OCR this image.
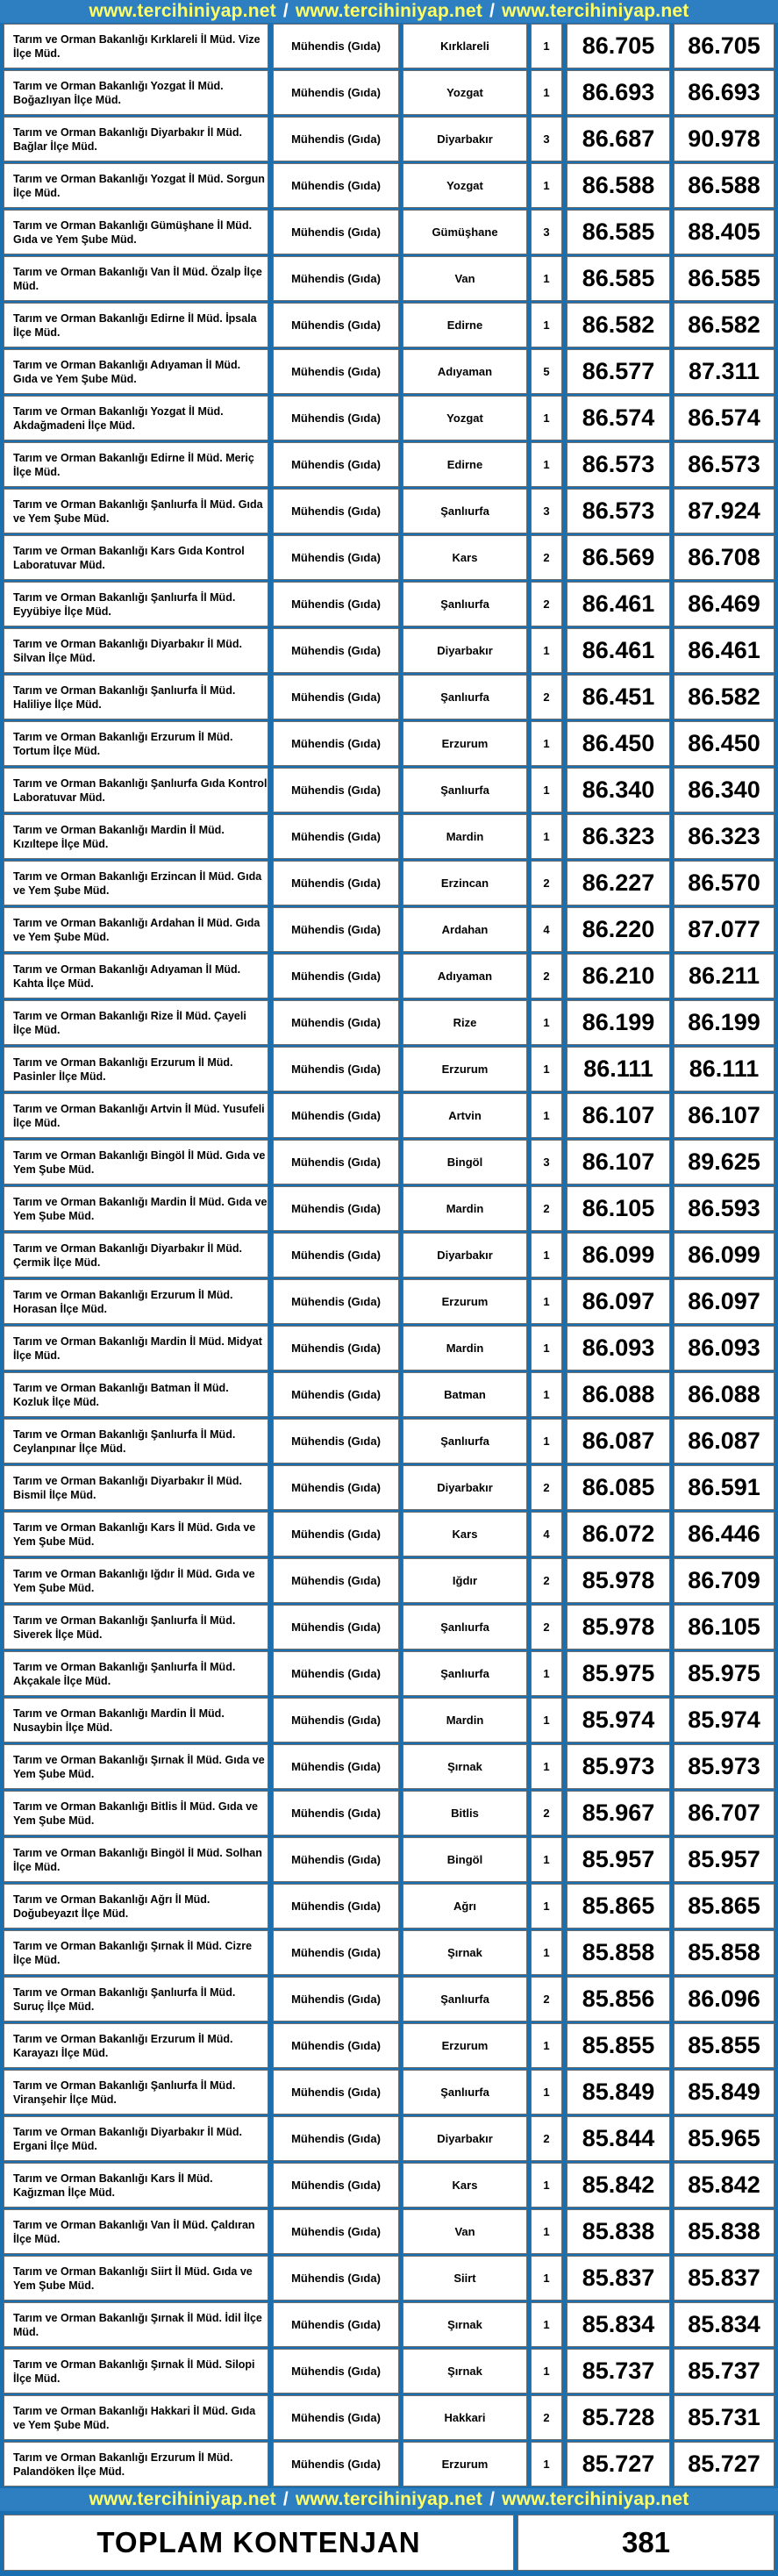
www.tercihiniyap.net / www.tercihiniyap.net / www.tercihiniyap.net
Tarım ve Orman Bakanlığı Kırklareli İl Müd. Vize İlçe Müd.
Mühendis (Gıda)	Kırklareli	1	86.705	86.705
Tarım ve Orman Bakanlığı Yozgat İl Müd. Boğazlıyan İlçe Müd.
Mühendis (Gıda)	Yozgat	1	86.693	86.693
Tarım ve Orman Bakanlığı Diyarbakır İl Müd. Bağlar İlçe Müd.
Mühendis (Gıda)	Diyarbakır	3	86.687	90.978
Tarım ve Orman Bakanlığı Yozgat İl Müd. Sorgun İlçe Müd.
Mühendis (Gıda)	Yozgat	1	86.588	86.588
Tarım ve Orman Bakanlığı Gümüşhane İl Müd. Gıda ve Yem Şube Müd.
Mühendis (Gıda)	Gümüşhane	3	86.585	88.405
Tarım ve Orman Bakanlığı Van İl Müd. Özalp İlçe Müd.
Mühendis (Gıda)	Van	1	86.585	86.585
Tarım ve Orman Bakanlığı Edirne İl Müd. İpsala İlçe Müd.
Mühendis (Gıda)	Edirne	1	86.582	86.582
Tarım ve Orman Bakanlığı Adıyaman İl Müd. Gıda ve Yem Şube Müd.
Mühendis (Gıda)	Adıyaman	5	86.577	87.311
Tarım ve Orman Bakanlığı Yozgat İl Müd. Akdağmadeni İlçe Müd.
Mühendis (Gıda)	Yozgat	1	86.574	86.574
Tarım ve Orman Bakanlığı Edirne İl Müd. Meriç İlçe Müd.
Mühendis (Gıda)	Edirne	1	86.573	86.573
Tarım ve Orman Bakanlığı Şanlıurfa İl Müd. Gıda ve Yem Şube Müd.
Mühendis (Gıda)	Şanlıurfa	3	86.573	87.924
Tarım ve Orman Bakanlığı Kars Gıda Kontrol Laboratuvar Müd.
Mühendis (Gıda)	Kars	2	86.569	86.708
Tarım ve Orman Bakanlığı Şanlıurfa İl Müd. Eyyübiye İlçe Müd.
Mühendis (Gıda)	Şanlıurfa	2	86.461	86.469
Tarım ve Orman Bakanlığı Diyarbakır İl Müd. Silvan İlçe Müd.
Mühendis (Gıda)	Diyarbakır	1	86.461	86.461
Tarım ve Orman Bakanlığı Şanlıurfa İl Müd. Haliliye İlçe Müd.
Mühendis (Gıda)	Şanlıurfa	2	86.451	86.582
Tarım ve Orman Bakanlığı Erzurum İl Müd. Tortum İlçe Müd.
Mühendis (Gıda)	Erzurum	1	86.450	86.450
Tarım ve Orman Bakanlığı Şanlıurfa Gıda Kontrol Laboratuvar Müd.
Mühendis (Gıda)	Şanlıurfa	1	86.340	86.340
Tarım ve Orman Bakanlığı Mardin İl Müd. Kızıltepe İlçe Müd.
Mühendis (Gıda)	Mardin	1	86.323	86.323
Tarım ve Orman Bakanlığı Erzincan İl Müd. Gıda ve Yem Şube Müd.
Mühendis (Gıda)	Erzincan	2	86.227	86.570
Tarım ve Orman Bakanlığı Ardahan İl Müd. Gıda ve Yem Şube Müd.
Mühendis (Gıda)	Ardahan	4	86.220	87.077
Tarım ve Orman Bakanlığı Adıyaman İl Müd. Kahta İlçe Müd.
Mühendis (Gıda)	Adıyaman	2	86.210	86.211
Tarım ve Orman Bakanlığı Rize İl Müd. Çayeli İlçe Müd.
Mühendis (Gıda)	Rize	1	86.199	86.199
Tarım ve Orman Bakanlığı Erzurum İl Müd. Pasinler İlçe Müd.
Mühendis (Gıda)	Erzurum	1	86.111	86.111
Tarım ve Orman Bakanlığı Artvin İl Müd. Yusufeli İlçe Müd.
Mühendis (Gıda)	Artvin	1	86.107	86.107
Tarım ve Orman Bakanlığı Bingöl İl Müd. Gıda ve Yem Şube Müd.
Mühendis (Gıda)	Bingöl	3	86.107	89.625
Tarım ve Orman Bakanlığı Mardin İl Müd. Gıda ve Yem Şube Müd.
Mühendis (Gıda)	Mardin	2	86.105	86.593
Tarım ve Orman Bakanlığı Diyarbakır İl Müd. Çermik İlçe Müd.
Mühendis (Gıda)	Diyarbakır	1	86.099	86.099
Tarım ve Orman Bakanlığı Erzurum İl Müd. Horasan İlçe Müd.
Mühendis (Gıda)	Erzurum	1	86.097	86.097
Tarım ve Orman Bakanlığı Mardin İl Müd. Midyat İlçe Müd.
Mühendis (Gıda)	Mardin	1	86.093	86.093
Tarım ve Orman Bakanlığı Batman İl Müd. Kozluk İlçe Müd.
Mühendis (Gıda)	Batman	1	86.088	86.088
Tarım ve Orman Bakanlığı Şanlıurfa İl Müd. Ceylanpınar İlçe Müd.
Mühendis (Gıda)	Şanlıurfa	1	86.087	86.087
Tarım ve Orman Bakanlığı Diyarbakır İl Müd. Bismil İlçe Müd.
Mühendis (Gıda)	Diyarbakır	2	86.085	86.591
Tarım ve Orman Bakanlığı Kars İl Müd. Gıda ve Yem Şube Müd.
Mühendis (Gıda)	Kars	4	86.072	86.446
Tarım ve Orman Bakanlığı Iğdır İl Müd. Gıda ve Yem Şube Müd.
Mühendis (Gıda)	Iğdır	2	85.978	86.709
Tarım ve Orman Bakanlığı Şanlıurfa İl Müd. Siverek İlçe Müd.
Mühendis (Gıda)	Şanlıurfa	2	85.978	86.105
Tarım ve Orman Bakanlığı Şanlıurfa İl Müd. Akçakale İlçe Müd.
Mühendis (Gıda)	Şanlıurfa	1	85.975	85.975
Tarım ve Orman Bakanlığı Mardin İl Müd. Nusaybin İlçe Müd.
Mühendis (Gıda)	Mardin	1	85.974	85.974
Tarım ve Orman Bakanlığı Şırnak İl Müd. Gıda ve Yem Şube Müd.
Mühendis (Gıda)	Şırnak	1	85.973	85.973
Tarım ve Orman Bakanlığı Bitlis İl Müd. Gıda ve Yem Şube Müd.
Mühendis (Gıda)	Bitlis	2	85.967	86.707
Tarım ve Orman Bakanlığı Bingöl İl Müd. Solhan İlçe Müd.
Mühendis (Gıda)	Bingöl	1	85.957	85.957
Tarım ve Orman Bakanlığı Ağrı İl Müd. Doğubeyazıt İlçe Müd.
Mühendis (Gıda)	Ağrı	1	85.865	85.865
Tarım ve Orman Bakanlığı Şırnak İl Müd. Cizre İlçe Müd.
Mühendis (Gıda)	Şırnak	1	85.858	85.858
Tarım ve Orman Bakanlığı Şanlıurfa İl Müd. Suruç İlçe Müd.
Mühendis (Gıda)	Şanlıurfa	2	85.856	86.096
Tarım ve Orman Bakanlığı Erzurum İl Müd. Karayazı İlçe Müd.
Mühendis (Gıda)	Erzurum	1	85.855	85.855
Tarım ve Orman Bakanlığı Şanlıurfa İl Müd. Viranşehir İlçe Müd.
Mühendis (Gıda)	Şanlıurfa	1	85.849	85.849
Tarım ve Orman Bakanlığı Diyarbakır İl Müd. Ergani İlçe Müd.
Mühendis (Gıda)	Diyarbakır	2	85.844	85.965
Tarım ve Orman Bakanlığı Kars İl Müd. Kağızman İlçe Müd.
Mühendis (Gıda)	Kars	1	85.842	85.842
Tarım ve Orman Bakanlığı Van İl Müd. Çaldıran İlçe Müd.
Mühendis (Gıda)	Van	1	85.838	85.838
Tarım ve Orman Bakanlığı Siirt İl Müd. Gıda ve Yem Şube Müd.
Mühendis (Gıda)	Siirt	1	85.837	85.837
Tarım ve Orman Bakanlığı Şırnak İl Müd. İdil İlçe Müd.
Mühendis (Gıda)	Şırnak	1	85.834	85.834
Tarım ve Orman Bakanlığı Şırnak İl Müd. Silopi İlçe Müd.
Mühendis (Gıda)	Şırnak	1	85.737	85.737
Tarım ve Orman Bakanlığı Hakkari İl Müd. Gıda ve Yem Şube Müd.
Mühendis (Gıda)	Hakkari	2	85.728	85.731
Tarım ve Orman Bakanlığı Erzurum İl Müd. Palandöken İlçe Müd.
Mühendis (Gıda)	Erzurum	1	85.727	85.727
www.tercihiniyap.net / www.tercihiniyap.net / www.tercihiniyap.net
TOPLAM KONTENJAN	381
